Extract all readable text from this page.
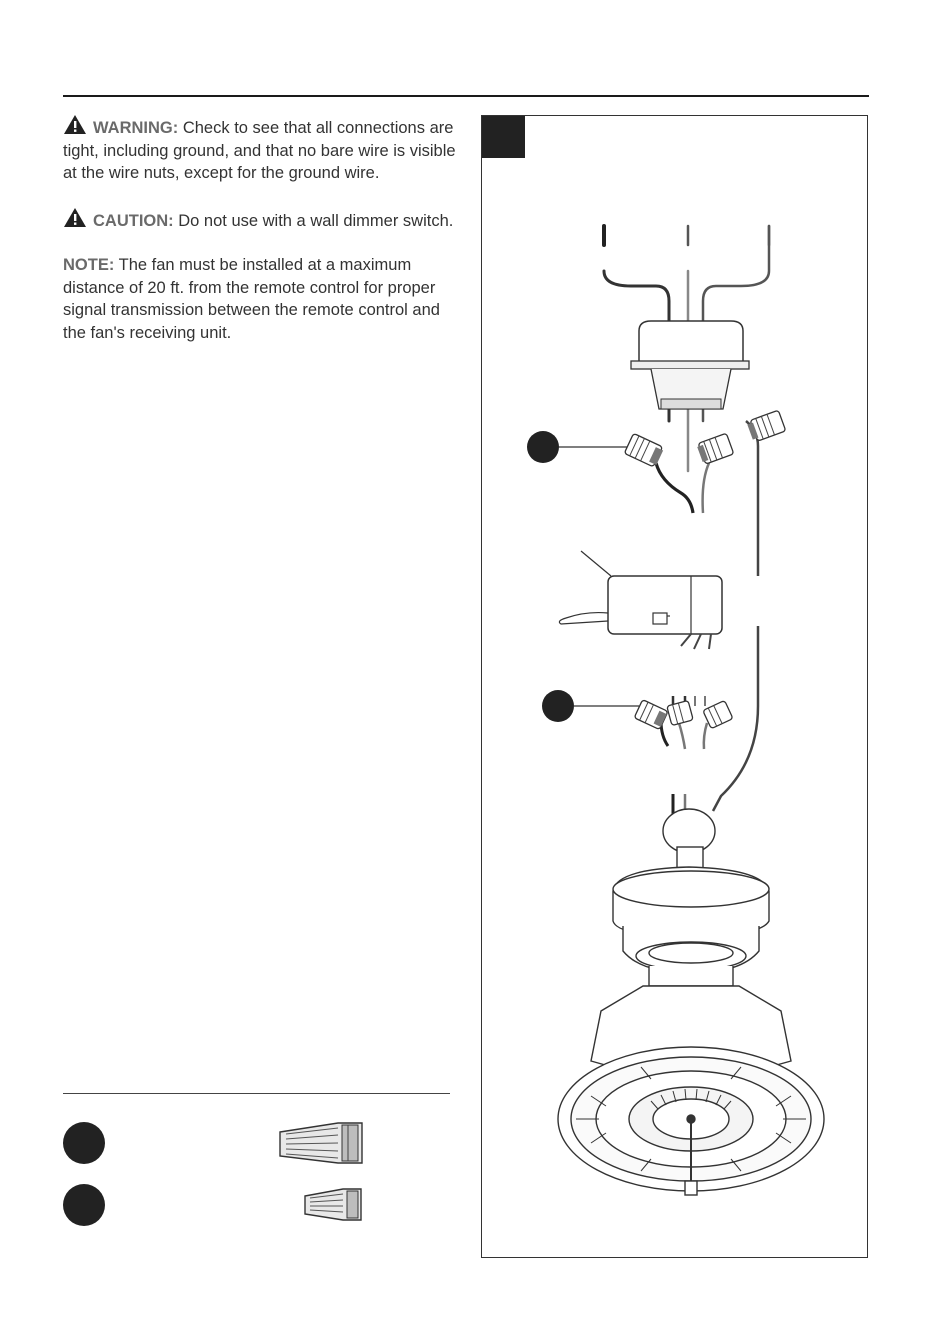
WARNING: Check to see that all connections are tight, including ground, and that no bare wire is visible at the wire nuts, except for the ground wire.

CAUTION: Do not use with a wall dimmer switch.

NOTE: The fan must be installed at a maximum distance of 20 ft. from the remote control for proper signal transmission between the remote control and the fan's receiving unit.
